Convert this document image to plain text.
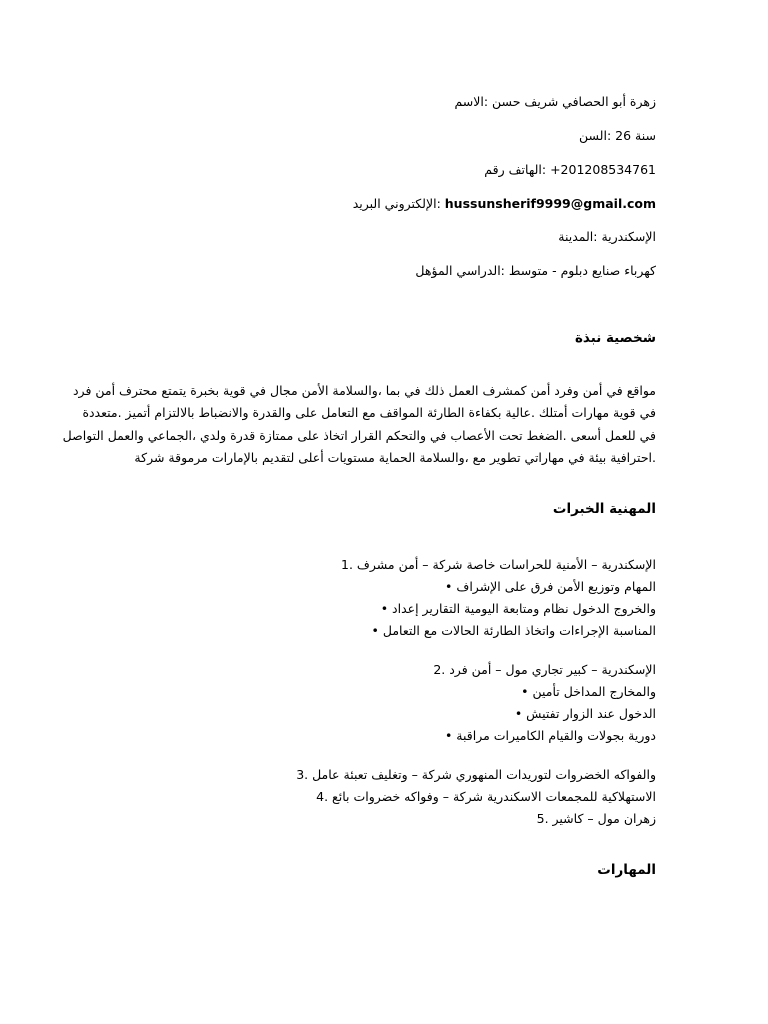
زهرة أبو الحصافي شريف حسن :الاسم
سنة 26 :السن
+201208534761 :الهاتف رقم
hussunsherif9999@gmail.com :الإلكتروني البريد
الإسكندرية :المدينة
كهرباء صنايع دبلوم - متوسط :الدراسي المؤهل
شخصية نبذة
مواقع في أمن وفرد أمن كمشرف العمل ذلك في بما ،والسلامة الأمن مجال في قوية بخبرة يتمتع محترف أمن فرد
في قوية مهارات أمتلك .عالية بكفاءة الطارئة المواقف مع التعامل على والقدرة والانضباط بالالتزام أتميز .متعددة
في للعمل أسعى .الضغط تحت الأعصاب في والتحكم القرار اتخاذ على ممتازة قدرة ولدي ،الجماعي والعمل التواصل
.احترافية بيئة في مهاراتي تطوير مع ،والسلامة الحماية مستويات أعلى لتقديم بالإمارات مرموقة شركة
المهنية الخبرات
الإسكندرية – الأمنية للحراسات خاصة شركة – أمن مشرف .1
المهام وتوزيع الأمن فرق على الإشراف •
والخروج الدخول نظام ومتابعة اليومية التقارير إعداد •
المناسبة الإجراءات واتخاذ الطارئة الحالات مع التعامل •
الإسكندرية – كبير تجاري مول – أمن فرد .2
والمخارج المداخل تأمين •
الدخول عند الزوار تفتيش •
دورية بجولات والقيام الكاميرات مراقبة •
والفواكه الخضروات لتوريدات المنهوري شركة – وتغليف تعبئة عامل .3
الاستهلاكية للمجمعات الاسكندرية شركة – وفواكه خضروات بائع .4
زهران مول – كاشير .5
المهارات
